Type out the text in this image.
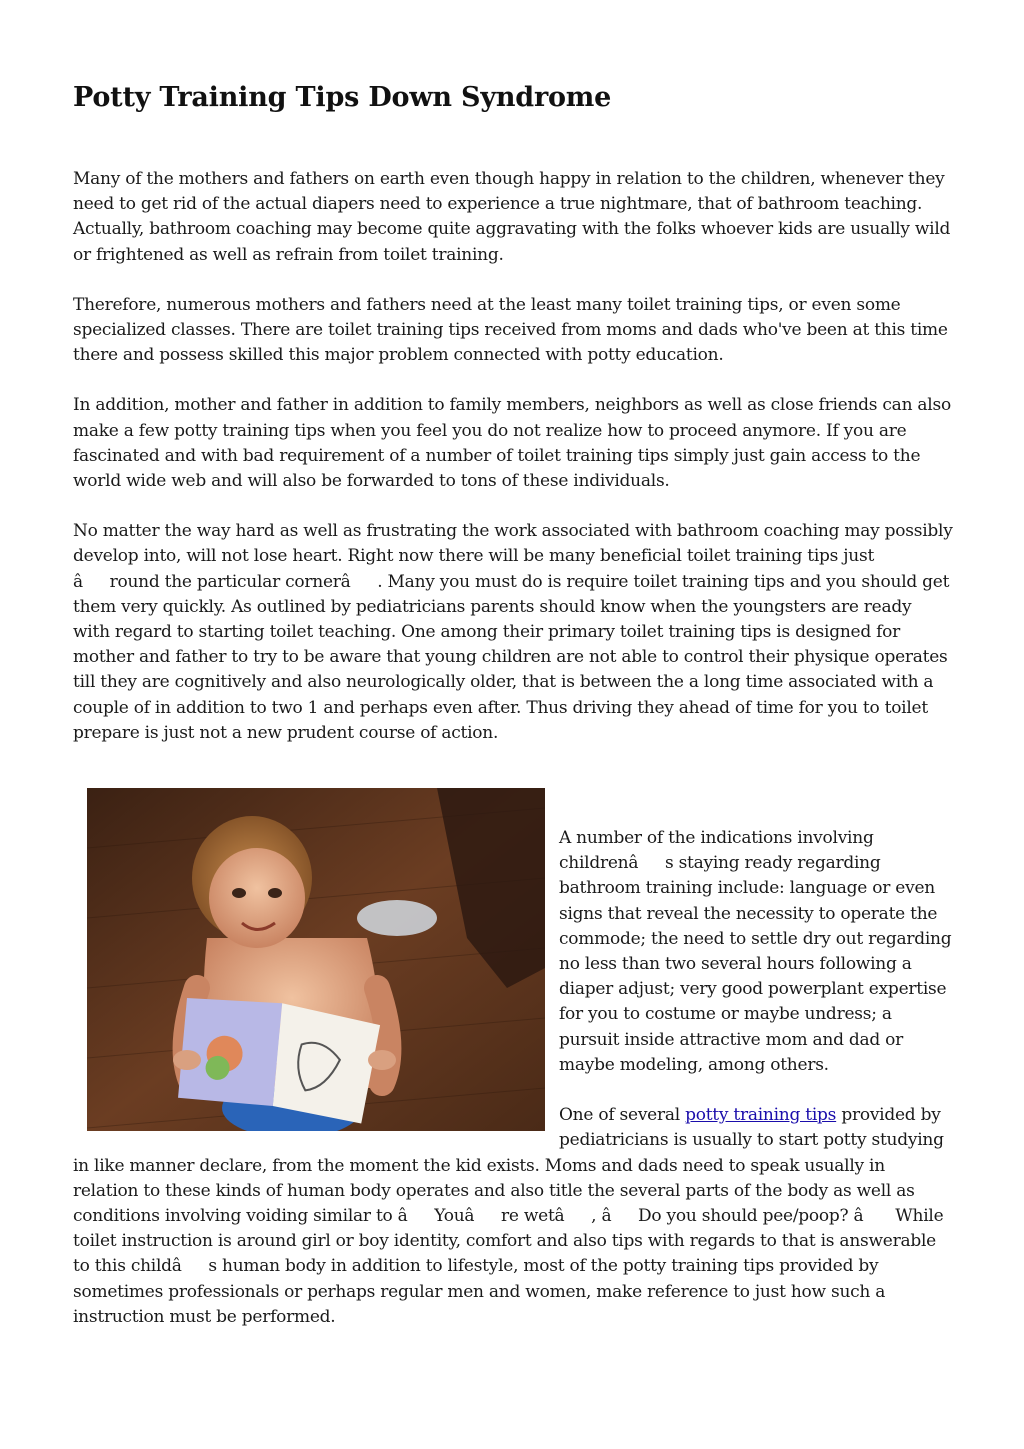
Potty Training Tips Down Syndrome

Many of the mothers and fathers on earth even though happy in relation to the children, whenever they need to get rid of the actual diapers need to experience a true nightmare, that of bathroom teaching. Actually, bathroom coaching may become quite aggravating with the folks whoever kids are usually wild or frightened as well as refrain from toilet training.

Therefore, numerous mothers and fathers need at the least many toilet training tips, or even some specialized classes. There are toilet training tips received from moms and dads who've been at this time there and possess skilled this major problem connected with potty education.

In addition, mother and father in addition to family members, neighbors as well as close friends can also make a few potty training tips when you feel you do not realize how to proceed anymore. If you are fascinated and with bad requirement of a number of toilet training tips simply just gain access to the world wide web and will also be forwarded to tons of these individuals.

No matter the way hard as well as frustrating the work associated with bathroom coaching may possibly develop into, will not lose heart. Right now there will be many beneficial toilet training tips just âround the particular cornerâ. Many you must do is require toilet training tips and you should get them very quickly. As outlined by pediatricians parents should know when the youngsters are ready with regard to starting toilet teaching. One among their primary toilet training tips is designed for mother and father to try to be aware that young children are not able to control their physique operates till they are cognitively and also neurologically older, that is between the a long time associated with a couple of in addition to two 1 and perhaps even after. Thus driving they ahead of time for you to toilet prepare is just not a new prudent course of action.

A number of the indications involving childrenâs staying ready regarding bathroom training include: language or even signs that reveal the necessity to operate the commode; the need to settle dry out regarding no less than two several hours following a diaper adjust; very good powerplant expertise for you to costume or maybe undress; a pursuit inside attractive mom and dad or maybe modeling, among others.

One of several potty training tips provided by pediatricians is usually to start potty studying in like manner declare, from the moment the kid exists. Moms and dads need to speak usually in relation to these kinds of human body operates and also title the several parts of the body as well as conditions involving voiding similar to âYouâre wetâ, âDo you should pee/poop? â While toilet instruction is around girl or boy identity, comfort and also tips with regards to that is answerable to this childâs human body in addition to lifestyle, most of the potty training tips provided by sometimes professionals or perhaps regular men and women, make reference to just how such a instruction must be performed.
